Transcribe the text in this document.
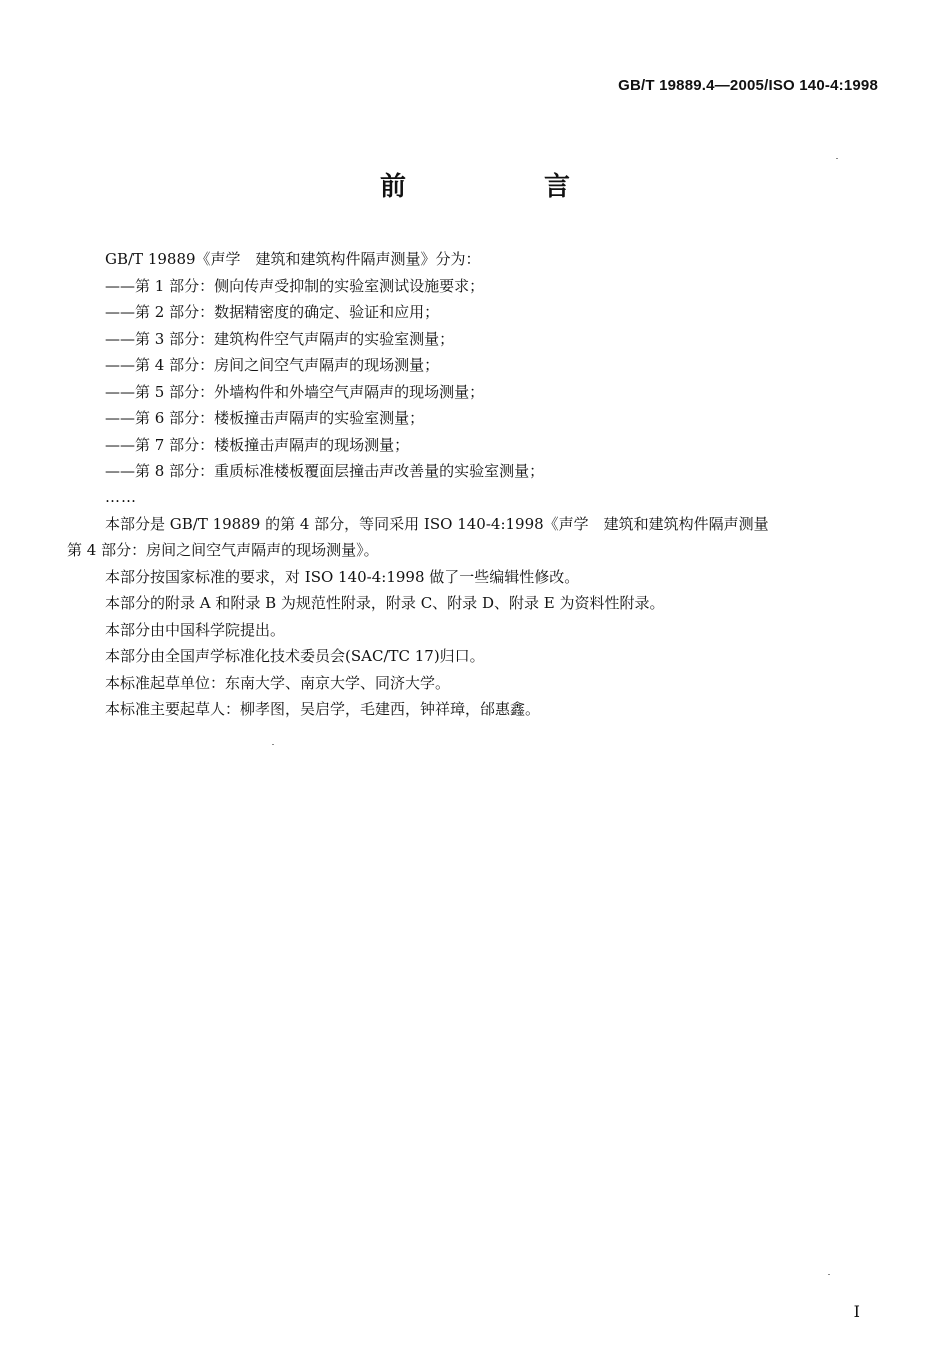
GB/T 19889.4—2005/ISO 140-4:1998
前　言

GB/T 19889《声学　建筑和建筑构件隔声测量》分为：

——第 1 部分：侧向传声受抑制的实验室测试设施要求；

——第 2 部分：数据精密度的确定、验证和应用；

——第 3 部分：建筑构件空气声隔声的实验室测量；

——第 4 部分：房间之间空气声隔声的现场测量；

——第 5 部分：外墙构件和外墙空气声隔声的现场测量；

——第 6 部分：楼板撞击声隔声的实验室测量；

——第 7 部分：楼板撞击声隔声的现场测量；

——第 8 部分：重质标准楼板覆面层撞击声改善量的实验室测量；

……

本部分是 GB/T 19889 的第 4 部分，等同采用 ISO 140-4:1998《声学　建筑和建筑构件隔声测量

第 4 部分：房间之间空气声隔声的现场测量》。

本部分按国家标准的要求，对 ISO 140-4:1998 做了一些编辑性修改。

本部分的附录 A 和附录 B 为规范性附录，附录 C、附录 D、附录 E 为资料性附录。

本部分由中国科学院提出。

本部分由全国声学标准化技术委员会(SAC/TC 17)归口。

本标准起草单位：东南大学、南京大学、同济大学。

本标准主要起草人：柳孝图，吴启学，毛建西，钟祥璋，邰惠鑫。

I
